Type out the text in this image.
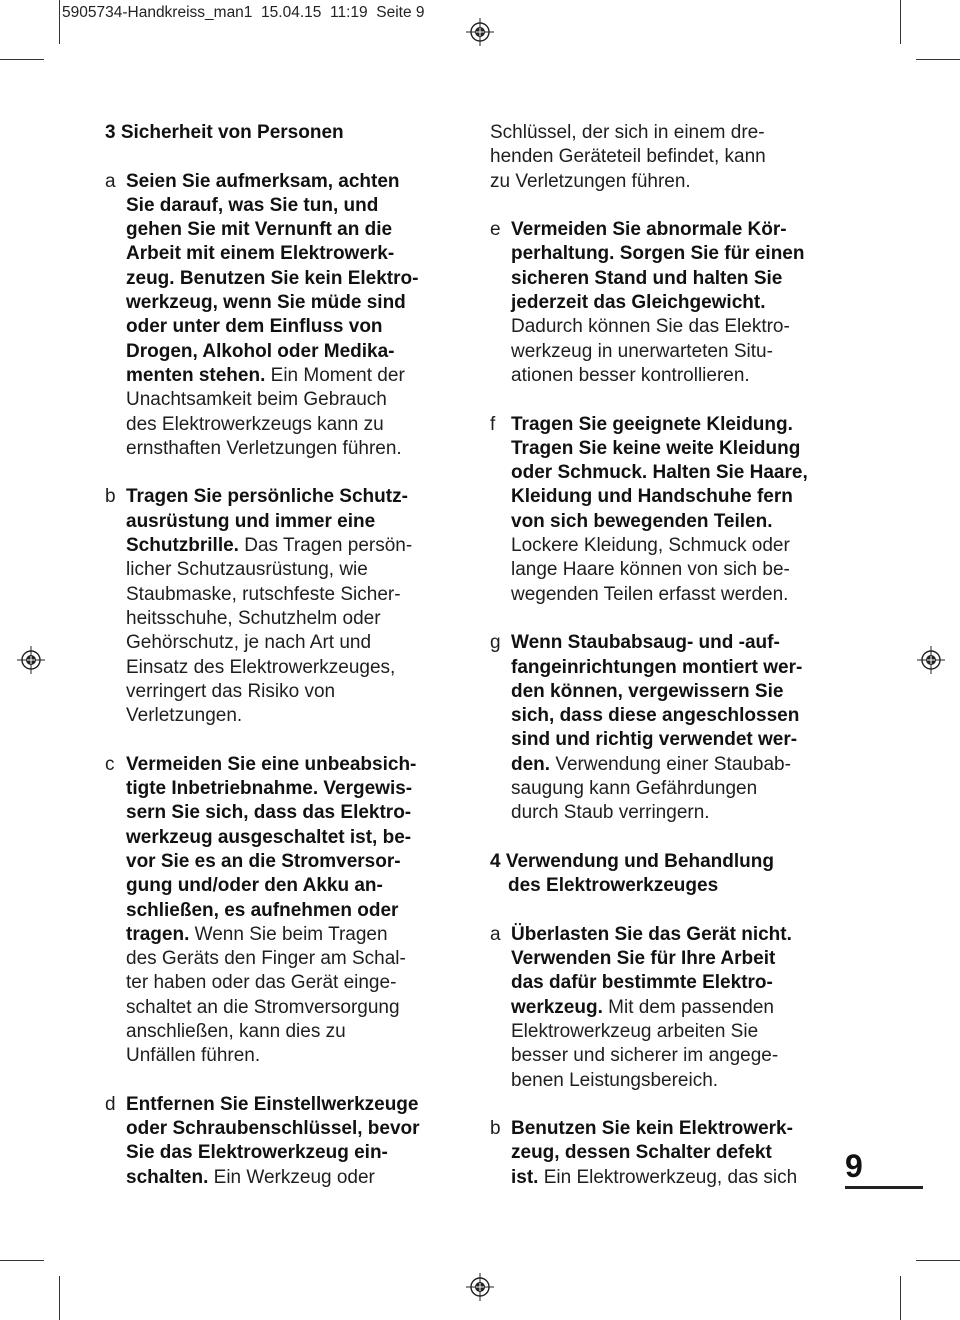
5905734-Handkreiss_man1  15.04.15  11:19  Seite 9
3 Sicherheit von Personen
a Seien Sie aufmerksam, achten
Sie darauf, was Sie tun, und
gehen Sie mit Vernunft an die
Arbeit mit einem Elektrowerk-
zeug. Benutzen Sie kein Elektro-
werkzeug, wenn Sie müde sind
oder unter dem Einfluss von
Drogen, Alkohol oder Medika-
menten stehen. Ein Moment der
Unachtsamkeit beim Gebrauch
des Elektrowerkzeugs kann zu
ernsthaften Verletzungen führen.
b Tragen Sie persönliche Schutz-
ausrüstung und immer eine
Schutzbrille. Das Tragen persön-
licher Schutzausrüstung, wie
Staubmaske, rutschfeste Sicher-
heitsschuhe, Schutzhelm oder
Gehörschutz, je nach Art und
Einsatz des Elektrowerkzeuges,
verringert das Risiko von
Verletzungen.
c Vermeiden Sie eine unbeabsich-
tigte Inbetriebnahme. Vergewis-
sern Sie sich, dass das Elektro-
werkzeug ausgeschaltet ist, be-
vor Sie es an die Stromversor-
gung und/oder den Akku an-
schließen, es aufnehmen oder
tragen. Wenn Sie beim Tragen
des Geräts den Finger am Schal-
ter haben oder das Gerät einge-
schaltet an die Stromversorgung
anschließen, kann dies zu
Unfällen führen.
d Entfernen Sie Einstellwerkzeuge
oder Schraubenschlüssel, bevor
Sie das Elektrowerkzeug ein-
schalten. Ein Werkzeug oder
Schlüssel, der sich in einem dre-
henden Geräteteil befindet, kann
zu Verletzungen führen.
e Vermeiden Sie abnormale Kör-
perhaltung. Sorgen Sie für einen
sicheren Stand und halten Sie
jederzeit das Gleichgewicht.
Dadurch können Sie das Elektro-
werkzeug in unerwarteten Situ-
ationen besser kontrollieren.
f Tragen Sie geeignete Kleidung.
Tragen Sie keine weite Kleidung
oder Schmuck. Halten Sie Haare,
Kleidung und Handschuhe fern
von sich bewegenden Teilen.
Lockere Kleidung, Schmuck oder
lange Haare können von sich be-
wegenden Teilen erfasst werden.
g Wenn Staubabsaug- und -auf-
fangeinrichtungen montiert wer-
den können, vergewissern Sie
sich, dass diese angeschlossen
sind und richtig verwendet wer-
den. Verwendung einer Staubab-
saugung kann Gefährdungen
durch Staub verringern.
4 Verwendung und Behandlung
des Elektrowerkzeuges
a Überlasten Sie das Gerät nicht.
Verwenden Sie für Ihre Arbeit
das dafür bestimmte Elektro-
werkzeug. Mit dem passenden
Elektrowerkzeug arbeiten Sie
besser und sicherer im angege-
benen Leistungsbereich.
b Benutzen Sie kein Elektrowerk-
zeug, dessen Schalter defekt
ist. Ein Elektrowerkzeug, das sich	9
